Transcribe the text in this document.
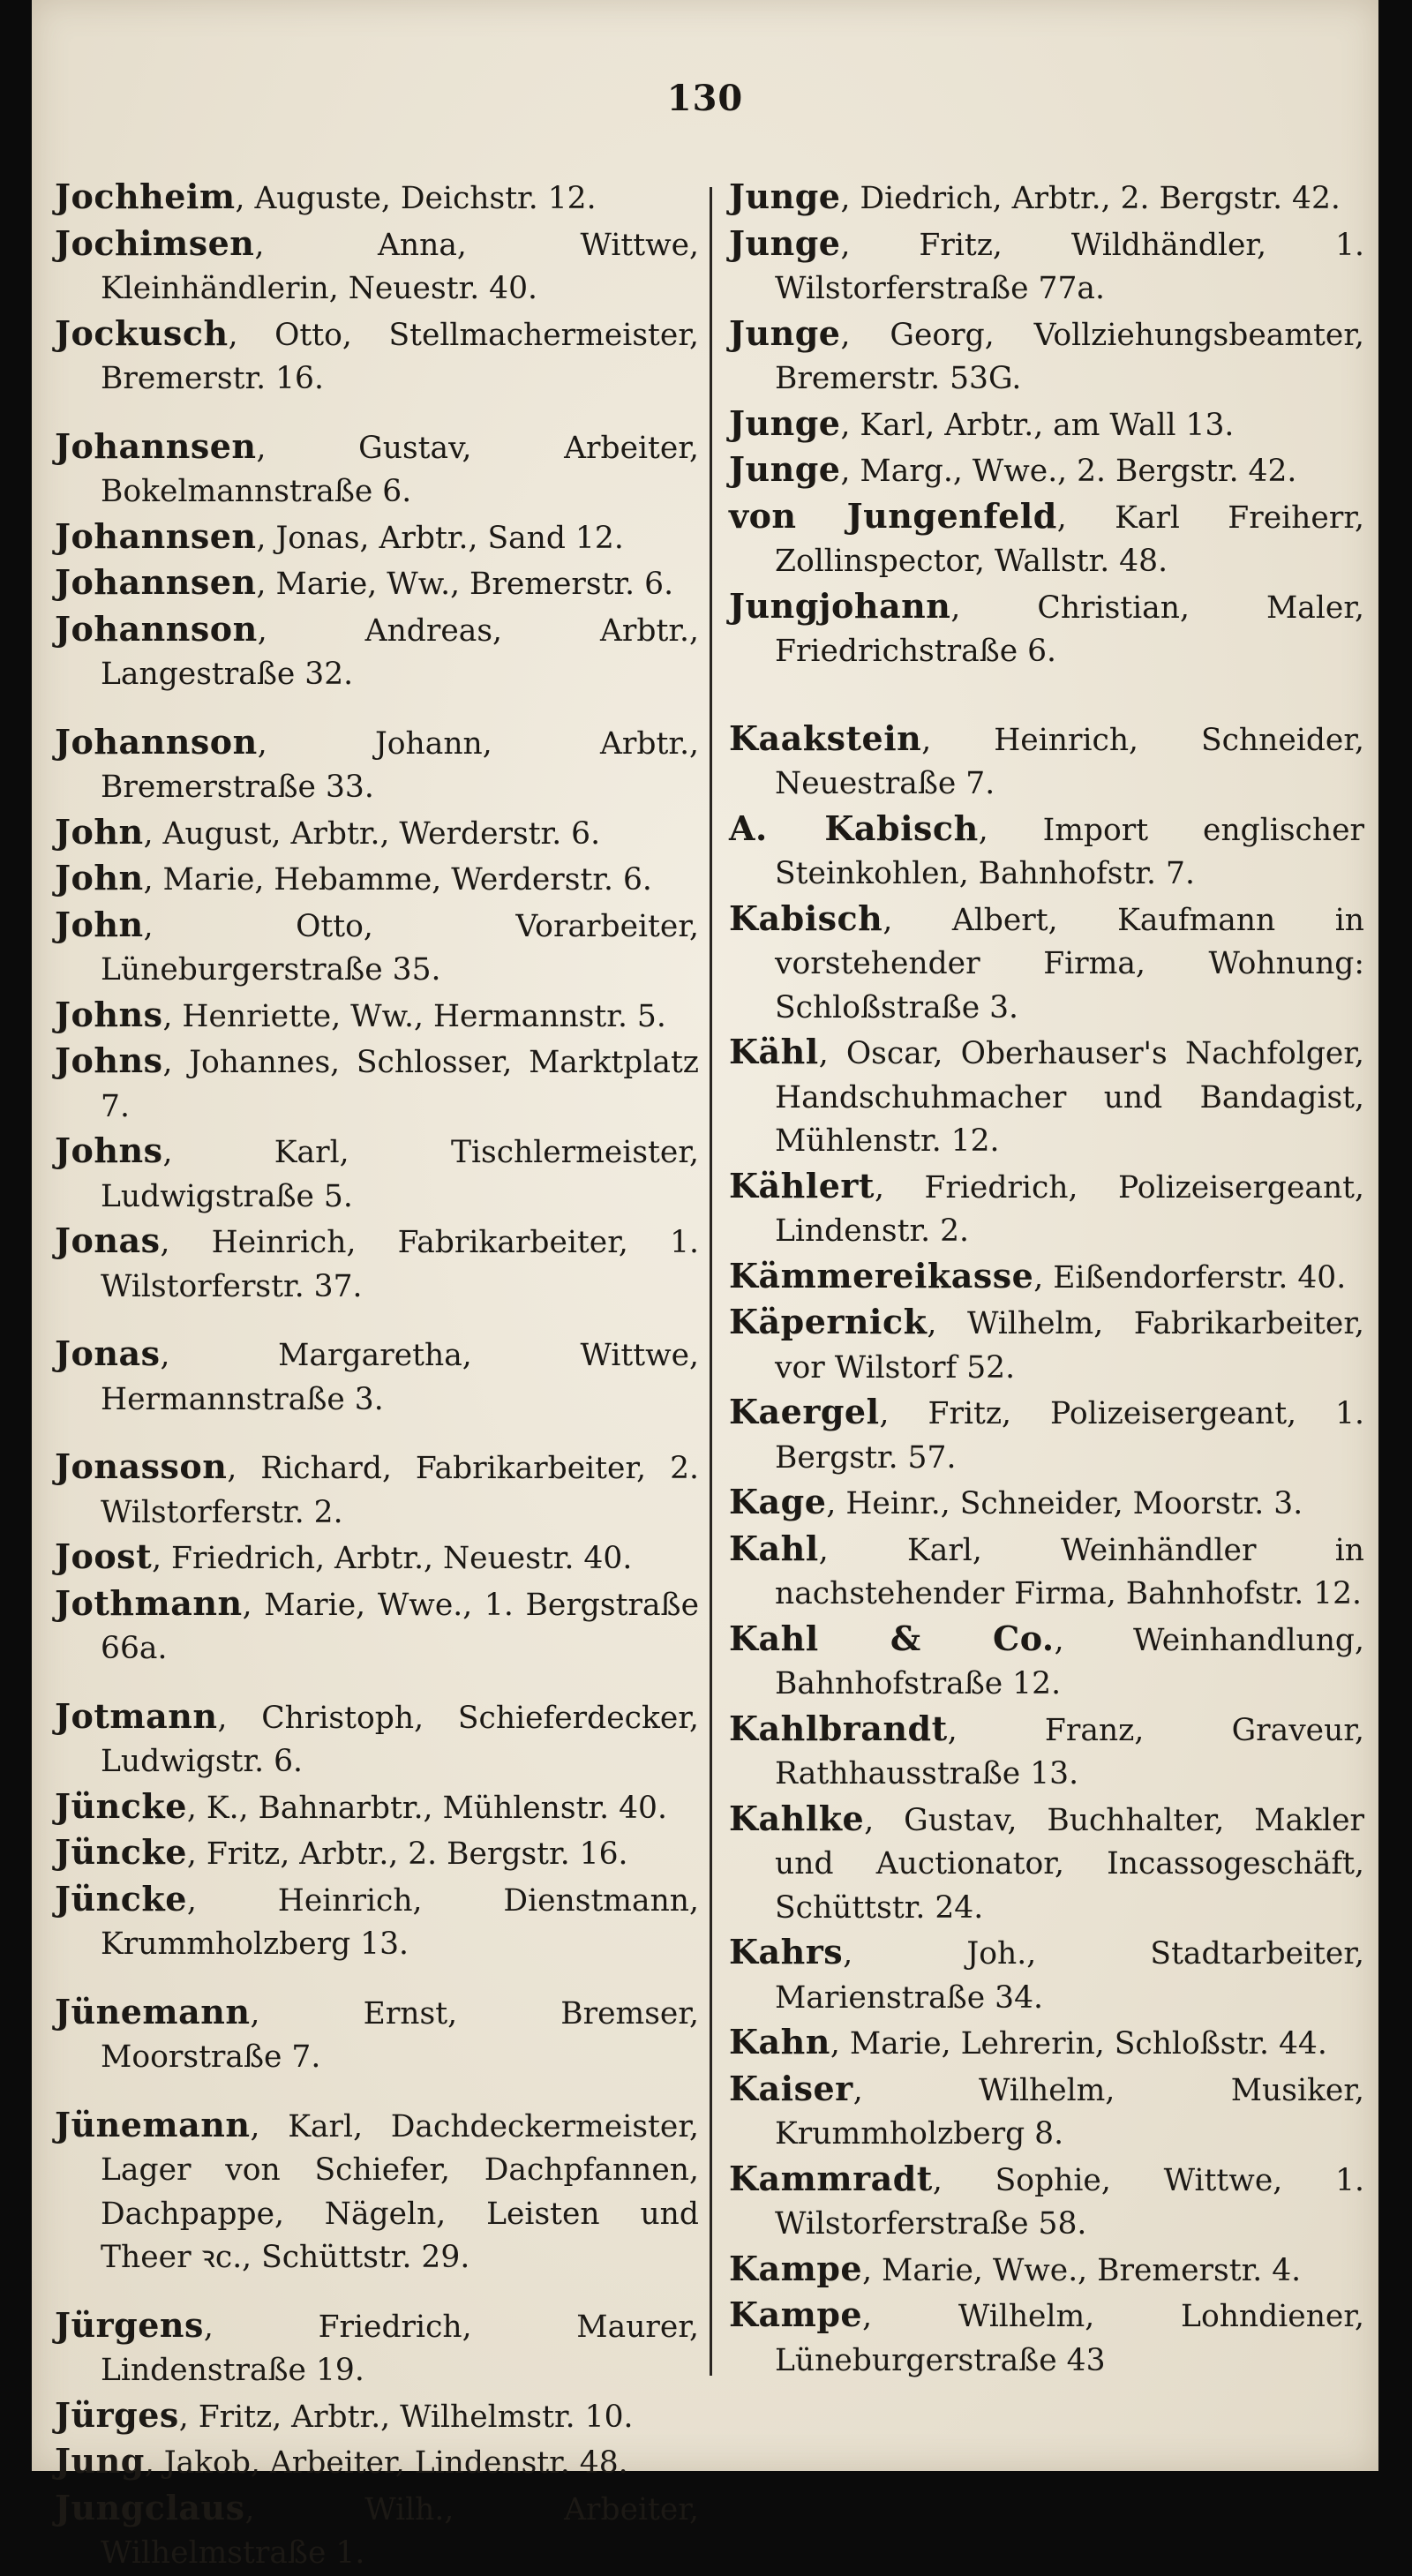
130

Jochheim, Auguste, Deichstr. 12.

Jochimsen, Anna, Wittwe, Kleinhändlerin, Neuestr. 40.

Jockusch, Otto, Stellmachermeister, Bremerstr. 16.

Johannsen, Gustav, Arbeiter, Bokelmannstraße 6.

Johannsen, Jonas, Arbtr., Sand 12.

Johannsen, Marie, Ww., Bremerstr. 6.

Johannson, Andreas, Arbtr., Langestraße 32.

Johannson, Johann, Arbtr., Bremerstraße 33.

John, August, Arbtr., Werderstr. 6.

John, Marie, Hebamme, Werderstr. 6.

John, Otto, Vorarbeiter, Lüneburgerstraße 35.

Johns, Henriette, Ww., Hermannstr. 5.

Johns, Johannes, Schlosser, Marktplatz 7.

Johns, Karl, Tischlermeister, Ludwigstraße 5.

Jonas, Heinrich, Fabrikarbeiter, 1. Wilstorferstr. 37.

Jonas, Margaretha, Wittwe, Hermannstraße 3.

Jonasson, Richard, Fabrikarbeiter, 2. Wilstorferstr. 2.

Joost, Friedrich, Arbtr., Neuestr. 40.

Jothmann, Marie, Wwe., 1. Bergstraße 66a.

Jotmann, Christoph, Schieferdecker, Ludwigstr. 6.

Jüncke, K., Bahnarbtr., Mühlenstr. 40.

Jüncke, Fritz, Arbtr., 2. Bergstr. 16.

Jüncke, Heinrich, Dienstmann, Krummholzberg 13.

Jünemann, Ernst, Bremser, Moorstraße 7.

Jünemann, Karl, Dachdeckermeister, Lager von Schiefer, Dachpfannen, Dachpappe, Nägeln, Leisten und Theer ꝛc., Schüttstr. 29.

Jürgens, Friedrich, Maurer, Lindenstraße 19.

Jürges, Fritz, Arbtr., Wilhelmstr. 10.

Jung, Jakob, Arbeiter, Lindenstr. 48.

Jungclaus, Wilh., Arbeiter, Wilhelmstraße 1.

Junge, Diedrich, Arbtr., 2. Bergstr. 42.

Junge, Fritz, Wildhändler, 1. Wilstorferstraße 77a.

Junge, Georg, Vollziehungsbeamter, Bremerstr. 53G.

Junge, Karl, Arbtr., am Wall 13.

Junge, Marg., Wwe., 2. Bergstr. 42.

von Jungenfeld, Karl Freiherr, Zollinspector, Wallstr. 48.

Jungjohann, Christian, Maler, Friedrichstraße 6.

Kaakstein, Heinrich, Schneider, Neuestraße 7.

A. Kabisch, Import englischer Steinkohlen, Bahnhofstr. 7.

Kabisch, Albert, Kaufmann in vorstehender Firma, Wohnung: Schloßstraße 3.

Kähl, Oscar, Oberhauser's Nachfolger, Handschuhmacher und Bandagist, Mühlenstr. 12.

Kählert, Friedrich, Polizeisergeant, Lindenstr. 2.

Kämmereikasse, Eißendorferstr. 40.

Käpernick, Wilhelm, Fabrikarbeiter, vor Wilstorf 52.

Kaergel, Fritz, Polizeisergeant, 1. Bergstr. 57.

Kage, Heinr., Schneider, Moorstr. 3.

Kahl, Karl, Weinhändler in nachstehender Firma, Bahnhofstr. 12.

Kahl & Co., Weinhandlung, Bahnhofstraße 12.

Kahlbrandt, Franz, Graveur, Rathhausstraße 13.

Kahlke, Gustav, Buchhalter, Makler und Auctionator, Incassogeschäft, Schüttstr. 24.

Kahrs, Joh., Stadtarbeiter, Marienstraße 34.

Kahn, Marie, Lehrerin, Schloßstr. 44.

Kaiser, Wilhelm, Musiker, Krummholzberg 8.

Kammradt, Sophie, Wittwe, 1. Wilstorferstraße 58.

Kampe, Marie, Wwe., Bremerstr. 4.

Kampe, Wilhelm, Lohndiener, Lüneburgerstraße 43
